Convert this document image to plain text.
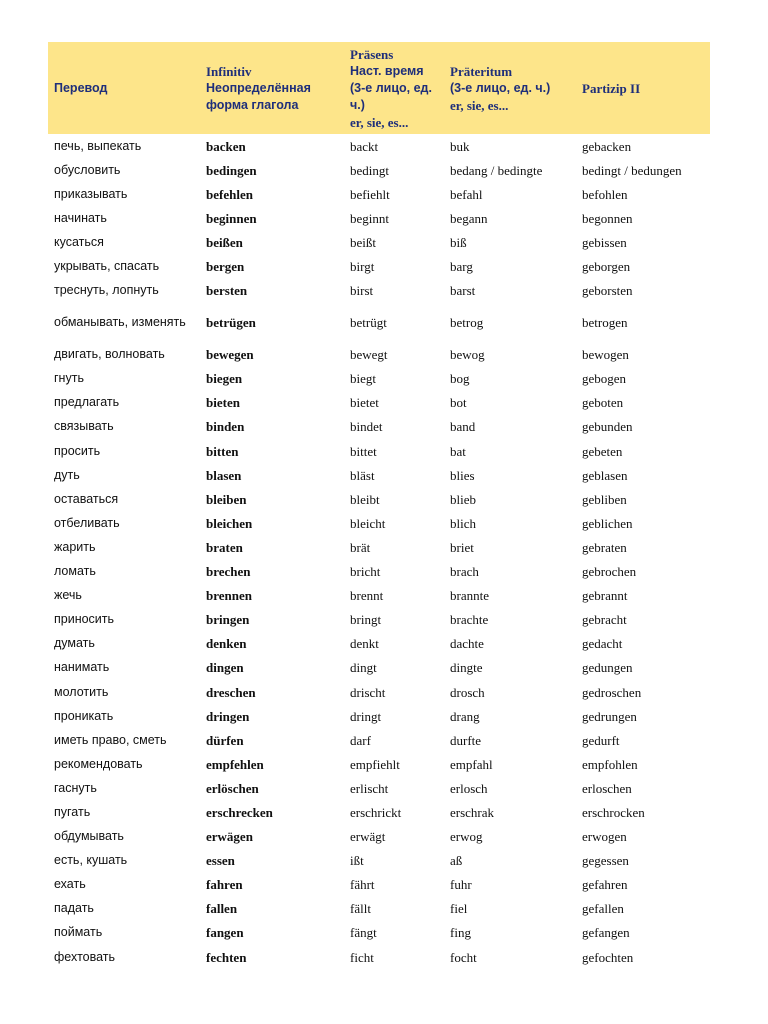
Перевод	Infinitiv
Неопределённая
форма глагола	Präsens
Наст. время
(3-е лицо, ед.
ч.)
er, sie, es...	Präteritum
(3-е лицо, ед. ч.)
er, sie, es...	Partizip II

печь, выпекать	backen	backt	buk	gebacken
обусловить	bedingen	bedingt	bedang / bedingte	bedingt / bedungen
приказывать	befehlen	befiehlt	befahl	befohlen
начинать	beginnen	beginnt	begann	begonnen
кусаться	beißen	beißt	biß	gebissen
укрывать, спасать	bergen	birgt	barg	geborgen
треснуть, лопнуть	bersten	birst	barst	geborsten
обманывать, изменять	betrügen	betrügt	betrog	betrogen
двигать, волновать	bewegen	bewegt	bewog	bewogen
гнуть	biegen	biegt	bog	gebogen
предлагать	bieten	bietet	bot	geboten
связывать	binden	bindet	band	gebunden
просить	bitten	bittet	bat	gebeten
дуть	blasen	bläst	blies	geblasen
оставаться	bleiben	bleibt	blieb	gebliben
отбеливать	bleichen	bleicht	blich	geblichen
жарить	braten	brät	briet	gebraten
ломать	brechen	bricht	brach	gebrochen
жечь	brennen	brennt	brannte	gebrannt
приносить	bringen	bringt	brachte	gebracht
думать	denken	denkt	dachte	gedacht
нанимать	dingen	dingt	dingte	gedungen
молотить	dreschen	drischt	drosch	gedroschen
проникать	dringen	dringt	drang	gedrungen
иметь право, сметь	dürfen	darf	durfte	gedurft
рекомендовать	empfehlen	empfiehlt	empfahl	empfohlen
гаснуть	erlöschen	erlischt	erlosch	erloschen
пугать	erschrecken	erschrickt	erschrak	erschrocken
обдумывать	erwägen	erwägt	erwog	erwogen
есть, кушать	essen	ißt	aß	gegessen
ехать	fahren	fährt	fuhr	gefahren
падать	fallen	fällt	fiel	gefallen
поймать	fangen	fängt	fing	gefangen
фехтовать	fechten	ficht	focht	gefochten
